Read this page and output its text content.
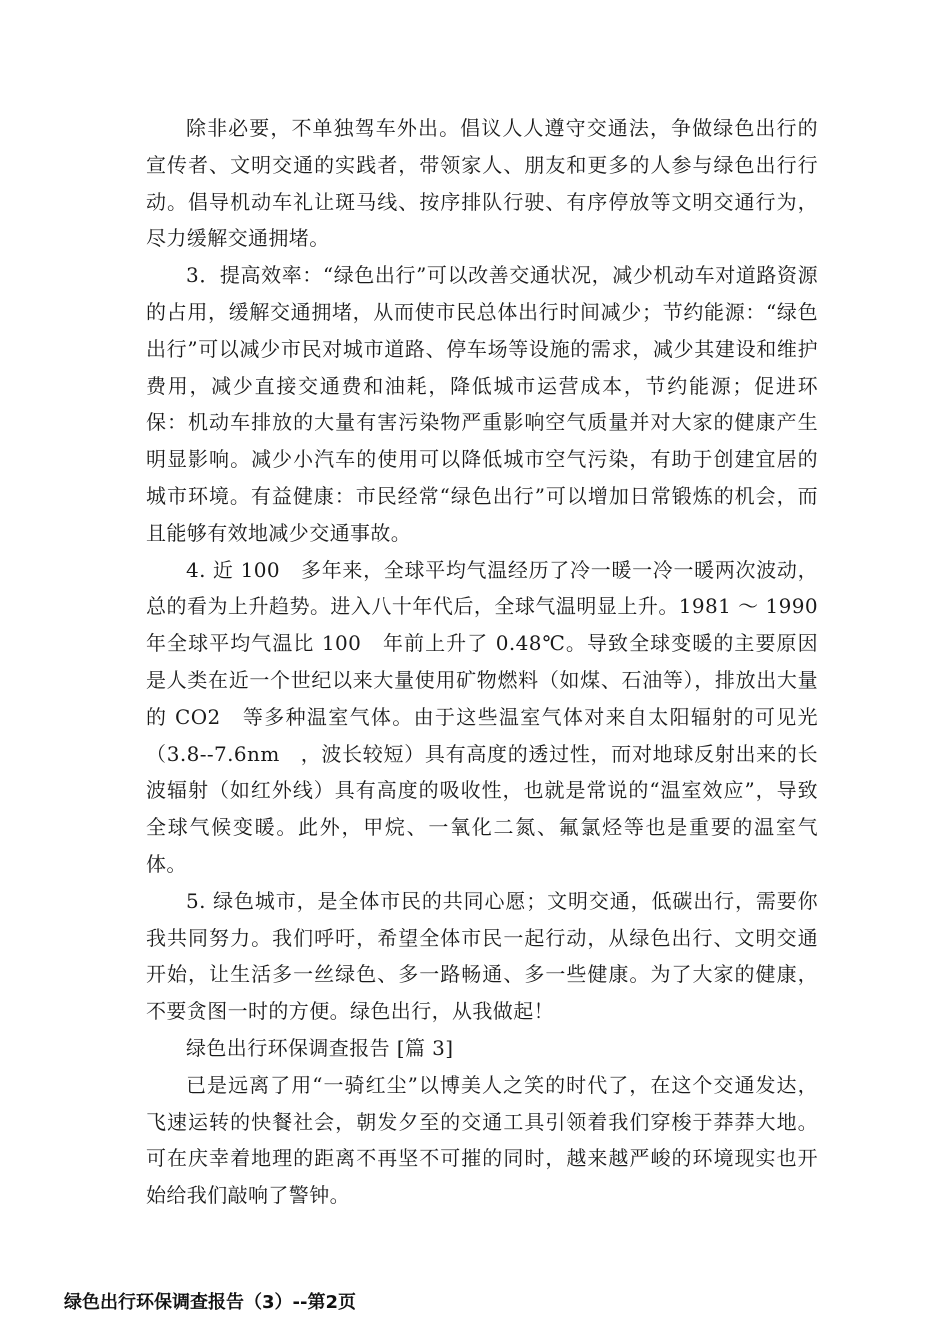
除非必要，不单独驾车外出。倡议人人遵守交通法，争做绿色出行的宣传者、文明交通的实践者，带领家人、朋友和更多的人参与绿色出行行动。倡导机动车礼让斑马线、按序排队行驶、有序停放等文明交通行为，尽力缓解交通拥堵。

3．提高效率：“绿色出行”可以改善交通状况，减少机动车对道路资源的占用，缓解交通拥堵，从而使市民总体出行时间减少；节约能源：“绿色出行”可以减少市民对城市道路、停车场等设施的需求，减少其建设和维护费用，减少直接交通费和油耗，降低城市运营成本，节约能源；促进环保：机动车排放的大量有害污染物严重影响空气质量并对大家的健康产生明显影响。减少小汽车的使用可以降低城市空气污染，有助于创建宜居的城市环境。有益健康：市民经常“绿色出行”可以增加日常锻炼的机会，而且能够有效地减少交通事故。

4. 近 100　多年来，全球平均气温经历了冷一暖一冷一暖两次波动，总的看为上升趋势。进入八十年代后，全球气温明显上升。1981 ～ 1990　年全球平均气温比 100　年前上升了 0.48℃。导致全球变暖的主要原因是人类在近一个世纪以来大量使用矿物燃料（如煤、石油等），排放出大量的 CO2　等多种温室气体。由于这些温室气体对来自太阳辐射的可见光（3.8--7.6nm　，波长较短）具有高度的透过性，而对地球反射出来的长波辐射（如红外线）具有高度的吸收性，也就是常说的“温室效应”，导致全球气候变暖。此外，甲烷、一氧化二氮、氟氯烃等也是重要的温室气体。

5. 绿色城市，是全体市民的共同心愿；文明交通，低碳出行，需要你我共同努力。我们呼吁，希望全体市民一起行动，从绿色出行、文明交通开始，让生活多一丝绿色、多一路畅通、多一些健康。为了大家的健康，不要贪图一时的方便。绿色出行，从我做起！

绿色出行环保调查报告 [篇 3]

已是远离了用“一骑红尘”以博美人之笑的时代了，在这个交通发达，飞速运转的快餐社会，朝发夕至的交通工具引领着我们穿梭于莽莽大地。可在庆幸着地理的距离不再坚不可摧的同时，越来越严峻的环境现实也开始给我们敲响了警钟。

绿色出行环保调查报告（3）--第2页
